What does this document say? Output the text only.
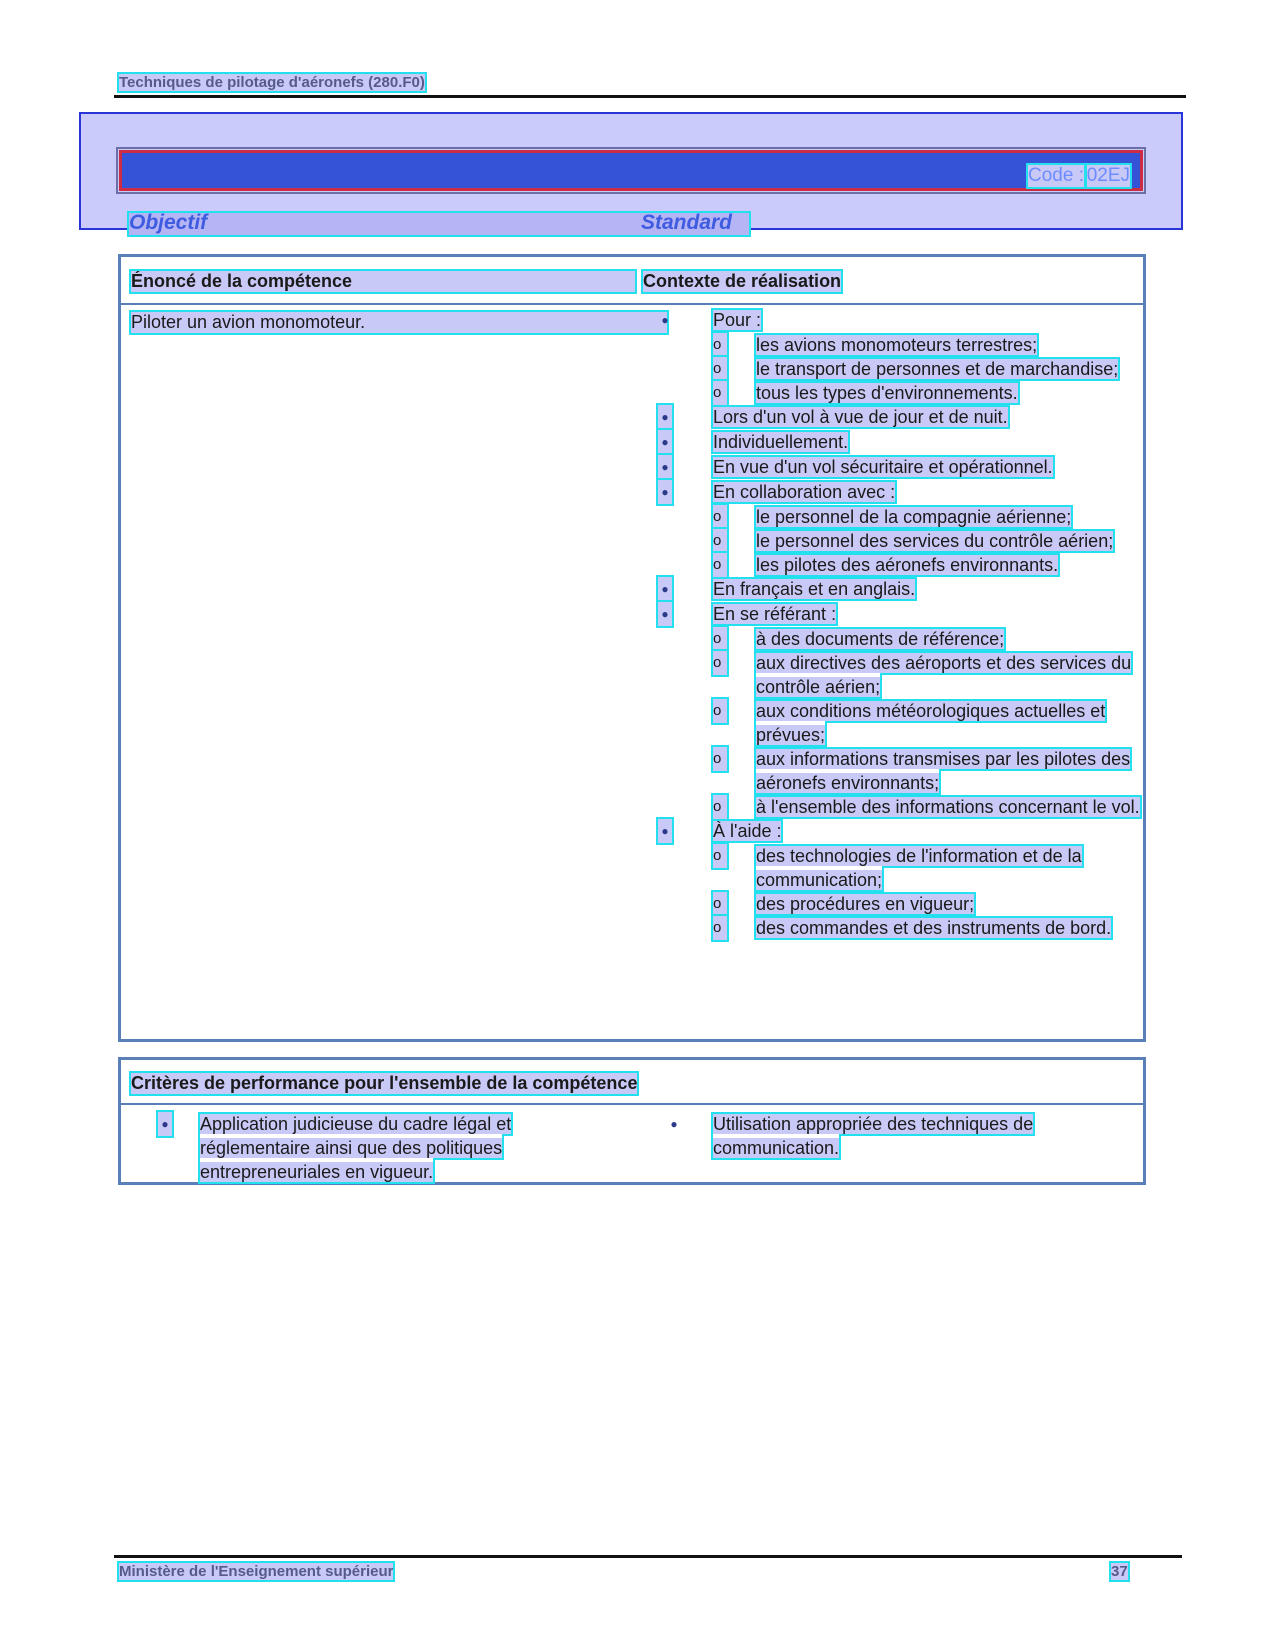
Techniques de pilotage d'aéronefs (280.F0)
Code : 02EJ
Objectif	Standard
Énoncé de la compétence	Contexte de réalisation
Piloter un avion monomoteur.	● Pour :
o	les avions monomoteurs terrestres;
o	le transport de personnes et de marchandise;
o	tous les types d'environnements.
● Lors d'un vol à vue de jour et de nuit.
● Individuellement.
● En vue d'un vol sécuritaire et opérationnel.
● En collaboration avec :
o	le personnel de la compagnie aérienne;
o	le personnel des services du contrôle aérien;
o	les pilotes des aéronefs environnants.
● En français et en anglais.
● En se référant :
o	à des documents de référence;
o	aux directives des aéroports et des services du contrôle aérien;
o	aux conditions météorologiques actuelles et prévues;
o	aux informations transmises par les pilotes des aéronefs environnants;
o	à l'ensemble des informations concernant le vol.
● À l'aide :
o	des technologies de l'information et de la communication;
o	des procédures en vigueur;
o	des commandes et des instruments de bord.
Critères de performance pour l'ensemble de la compétence
● Application judicieuse du cadre légal et réglementaire ainsi que des politiques entrepreneuriales en vigueur.
● Utilisation appropriée des techniques de communication.
Ministère de l'Enseignement supérieur	37
